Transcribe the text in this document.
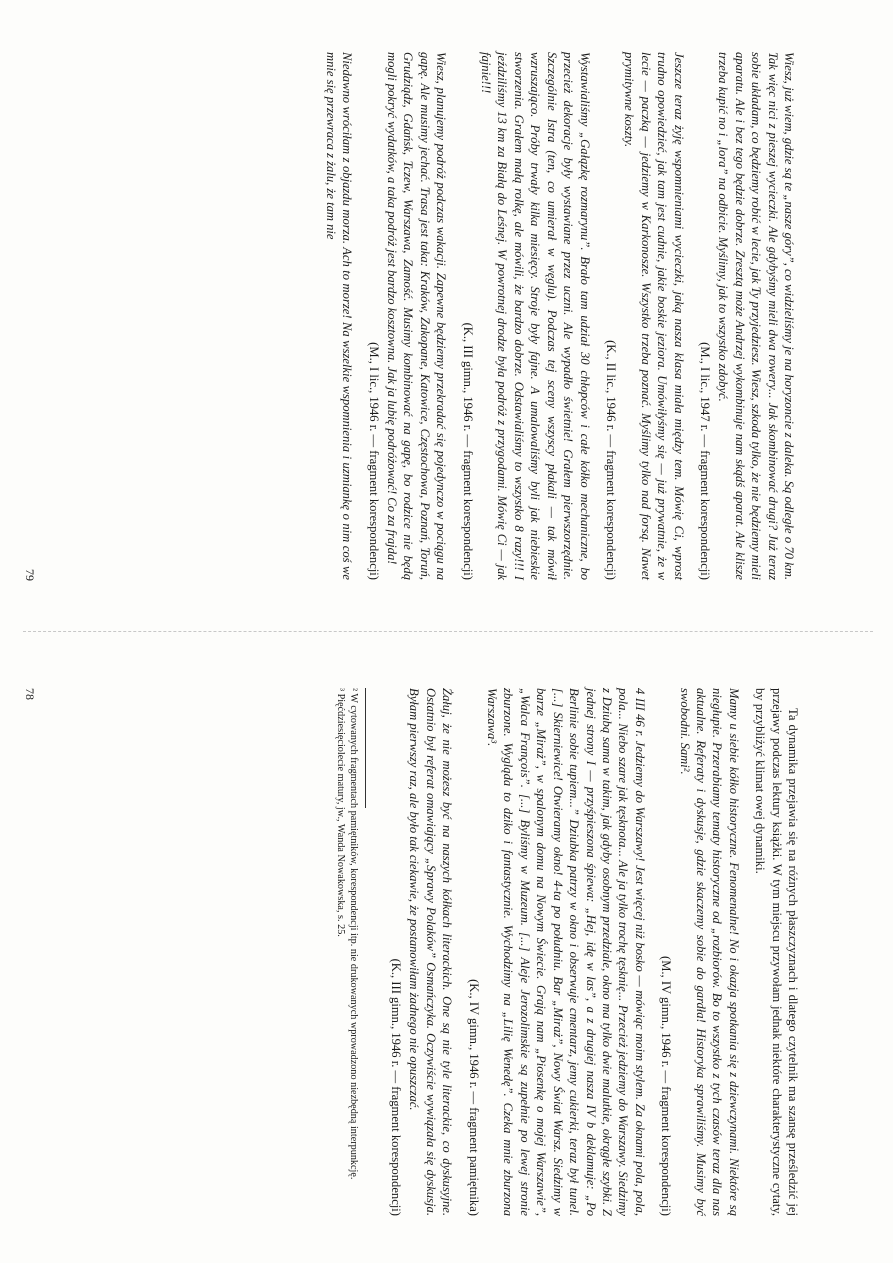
Wiesz, już wiem, gdzie są te „nasze góry”, co widzieliśmy je na horyzoncie z daleka. Są odległe o 70 km. Tak więc nici z pieszej wycieczki. Ale gdybyśmy mieli dwa rowery... Jak skombinować drugi? Już teraz sobie układam, co będziemy robić w lecie, jak Ty przyjedziesz. Wiesz, szkoda tylko, że nie będziemy mieli aparatu. Ale i bez tego będzie dobrze. Zresztą może Andrzej wykombinuje nam skądś aparat. Ale klisze trzeba kupić no i „lora” na odbicie. Myślimy, jak to wszystko zdobyć.

(M., I lic., 1947 r. — fragment korespondencji)

Jeszcze teraz żyję wspomnieniami wycieczki, jaką nasza klasa miała między tem. Mówię Ci, wprost trudno opowiedzieć, jak tam jest cudnie, jakie boskie jeziora. Umówiłyśmy się — już prywatnie, że w lecie — paczką — jedziemy w Karkonosze. Wszystko trzeba poznać. Myślimy tylko nad forsą. Nawet prymitywne koszty.

(K., II lic., 1946 r. — fragment korespondencji)

Wystawialiśmy „Gałązkę rozmarynu”. Brało tam udział 30 chłopców i całe kółko mechaniczne, bo przecież dekoracje były wystawiane przez uczni. Ale wypadło świetnie! Grałem pierwszorzędnie. Szczególnie Istra (ten, co umierał w węglu). Podczas tej sceny wszyscy płakali — tak mówił wzruszająco. Próby trwały kilka miesięcy. Stroje były fajne. A umalowaliśmy byli jak niebieskie stworzenia. Grałem małą rolkę, ale mówili, że bardzo dobrze. Odstawialiśmy to wszystko 8 razy!!! I jeździliśmy 13 km za Białą do Leśnej. W powrotnej drodze była podróż z przygodami. Mówię Ci — jak fajnie!!!

(K., III gimn., 1946 r. — fragment korespondencji)

Wiesz, planujemy podróż podczas wakacji. Zapewne będziemy przekradać się pojedynczo w pociągu na gapę. Ale musimy jechać. Trasa jest taka: Kraków, Zakopane, Katowice, Częstochowa, Poznań, Toruń, Grudziądz, Gdańsk, Tczew, Warszawa, Zamość. Musimy kombinować na gapę, bo rodzice nie będą mogli pokryć wydatków, a taka podróż jest bardzo kosztowna. Jak ja lubię podróżować! Co za frajda!

(M., I lic., 1946 r. — fragment korespondencji)

Niedawno wróciłam z objazdu morza. Ach to morze! Na wszelkie wspomnienia i uzmiankę o nim coś we mnie się przewraca z żalu, że tam nie

79

Ta dynamika przejawia się na różnych płaszczyznach i dlatego czytelnik ma szansę prześledzić jej przejawy podczas lektury książki. W tym miejscu przywołam jednak niektóre charakterystyczne cytaty, by przybliżyć klimat owej dynamiki.

Mamy u siebie kółko historyczne. Fenomenalne! No i okazja spotkania się z dziewczynami. Niektóre są niegłupie. Przerabiamy tematy historyczne od „rozbiorów. Bo to wszystko z tych czasów teraz dla nas aktualne. Referaty i dyskusje, gdzie skaczemy sobie do gardła! Historyka sprawiliśmy. Musimy być swobodni. Sami².

(M., IV gimn., 1946 r. — fragment korespondencji)

4 III 46 r. Jedziemy do Warszawy! Jest więcej niż bosko — mówiąc moim stylem. Za oknami pola, pola, pola... Niebo szare jak tęsknota... Ale ja tylko trochę tęsknię... Przecież jedziemy do Warszawy. Siedzimy z Dziubą sama w takim, jak gdyby osobnym przedziale, okno ma tylko dwie malutkie, okrągłe szybki. Z jednej strony I — przyśpieszona śpiewa: „Hej, idę w las”, a z drugiej nasza IV b deklamuje: „Po Berlinie sobie tupiem...” Dziubka patrzy w okno i obserwuje cmentarz, jemy cukierki, teraz był tunel. [...] Skierniewice! Otwieramy okno! 4-ta po południu. Bar „Miraż”, Nowy Świat Warsz. Siedzimy w barze „Miraż”, w spalonym domu na Nowym Świecie. Grają nam „Piosenkę o mojej Warszawie”, „Walca François”. [...] Byliśmy w Muzeum. [...] Aleje Jerozolimskie są zupełnie po lewej stronie zburzone. Wygląda to dziko i fantastycznie. Wychodzimy na „Lilię Wenedę”. Czeka mnie zburzona Warszawa³.

(K., IV gimn., 1946 r. — fragment pamiętnika)

Żałuj, że nie możesz być na naszych kółkach literackich. One są nie tyle literackie, co dyskusyjne. Ostatnio był referat omawiający „Sprawy Polaków” Osmańczyka. Oczywiście wywiązała się dyskusja. Byłam pierwszy raz, ale było tak ciekawie, że postanowiłam żadnego nie opuszczać.

(K., III gimn., 1946 r. — fragment korespondencji)

² W cytowanych fragmentach pamiętników, korespondencji itp. nie drukowanych wprowadzono niezbędną interpunkcję.

³ Pięćdziesięciolecie matury, jw., Wanda Nowakowska, s. 25.

78
